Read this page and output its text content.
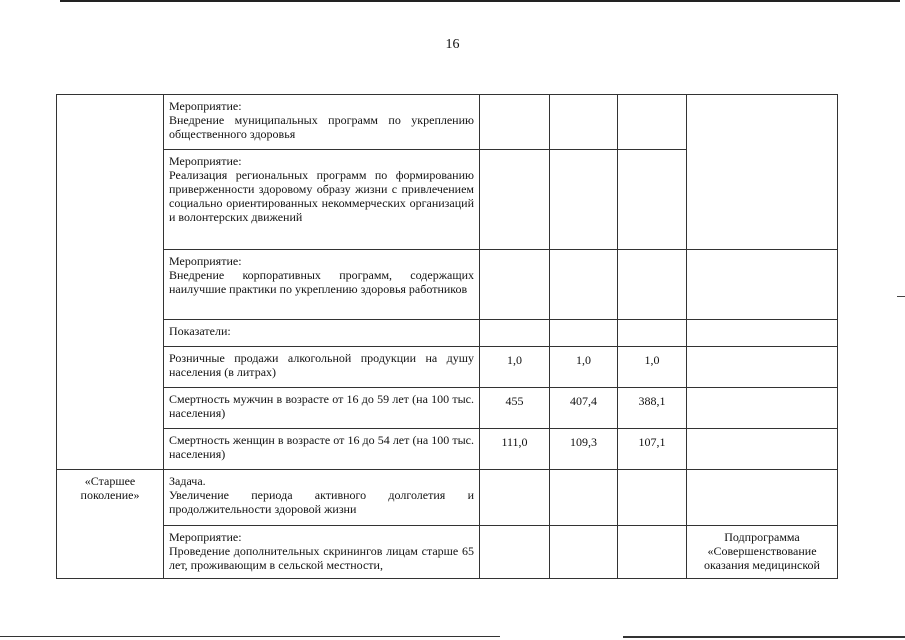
16

	Мероприятие:
Внедрение муниципальных программ по укреплению общественного здоровья				

	Мероприятие:
Реализация региональных программ по формированию приверженности здоровому образу жизни с привлечением социально ориентированных некоммерческих организаций и волонтерских движений				

	Мероприятие:
Внедрение корпоративных программ, содержащих наилучшие практики по укреплению здоровья работников				
	Показатели:				
	Розничные продажи алкогольной продукции на душу населения (в литрах)	1,0	1,0	1,0	
	Смертность мужчин в возрасте от 16 до 59 лет (на 100 тыс. населения)	455	407,4	388,1	
	Смертность женщин в возрасте от 16 до 54 лет (на 100 тыс. населения)	111,0	109,3	107,1	
«Старшее поколение»	Задача.
Увеличение периода активного долголетия и продолжительности здоровой жизни				

	Мероприятие:
Проведение дополнительных скринингов лицам старше 65 лет, проживающим в сельской местности,				Подпрограмма «Совершенствование оказания медицинской
